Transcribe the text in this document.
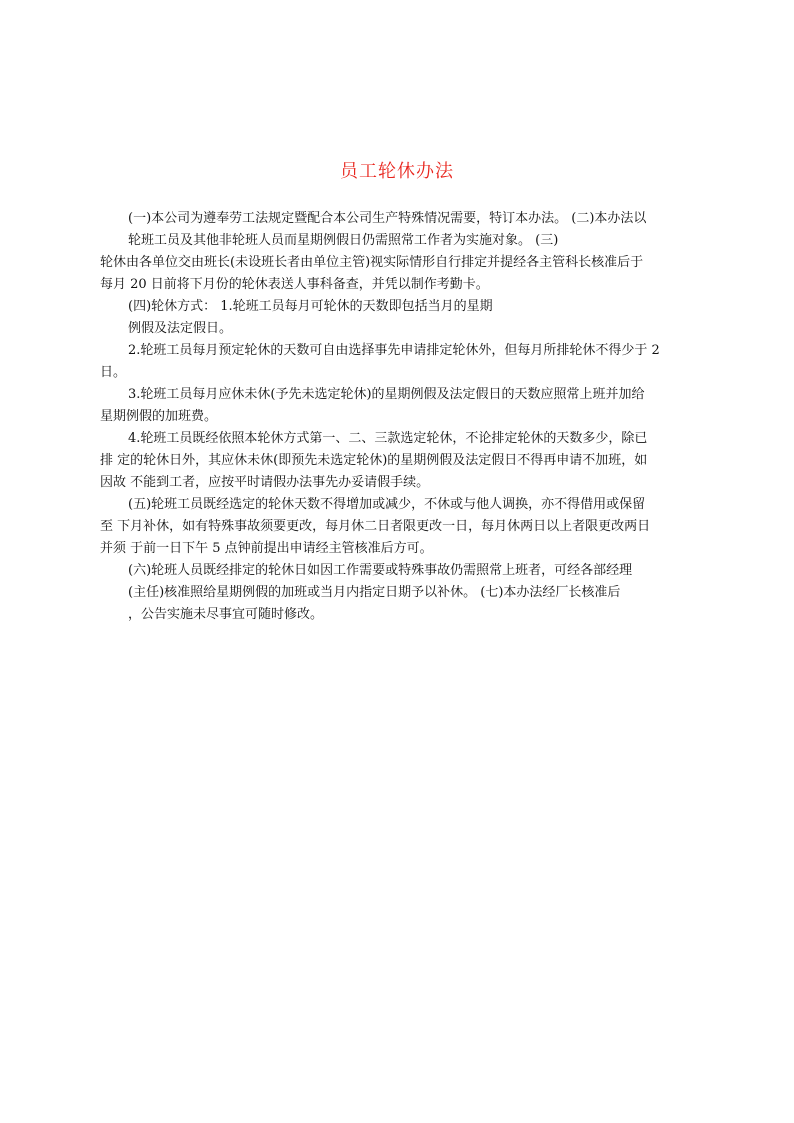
员工轮休办法
(一)本公司为遵奉劳工法规定暨配合本公司生产特殊情况需要，特订本办法。 (二)本办法以
轮班工员及其他非轮班人员而星期例假日仍需照常工作者为实施对象。 (三)
轮休由各单位交由班长(未设班长者由单位主管)视实际情形自行排定并提经各主管科长核准后于
每月 20 日前将下月份的轮休表送人事科备查，并凭以制作考勤卡。
(四)轮休方式： 1.轮班工员每月可轮休的天数即包括当月的星期
例假及法定假日。
2.轮班工员每月预定轮休的天数可自由选择事先申请排定轮休外，但每月所排轮休不得少于 2
日。
3.轮班工员每月应休未休(予先未选定轮休)的星期例假及法定假日的天数应照常上班并加给
星期例假的加班费。
4.轮班工员既经依照本轮休方式第一、二、三款选定轮休，不论排定轮休的天数多少，除已
排 定的轮休日外，其应休未休(即预先未选定轮休)的星期例假及法定假日不得再申请不加班，如
因故 不能到工者，应按平时请假办法事先办妥请假手续。
(五)轮班工员既经选定的轮休天数不得增加或减少，不休或与他人调换，亦不得借用或保留
至 下月补休，如有特殊事故须要更改，每月休二日者限更改一日，每月休两日以上者限更改两日
并须 于前一日下午 5 点钟前提出申请经主管核准后方可。
(六)轮班人员既经排定的轮休日如因工作需要或特殊事故仍需照常上班者，可经各部经理
(主任)核准照给星期例假的加班或当月内指定日期予以补休。 (七)本办法经厂长核准后
，公告实施未尽事宜可随时修改。
